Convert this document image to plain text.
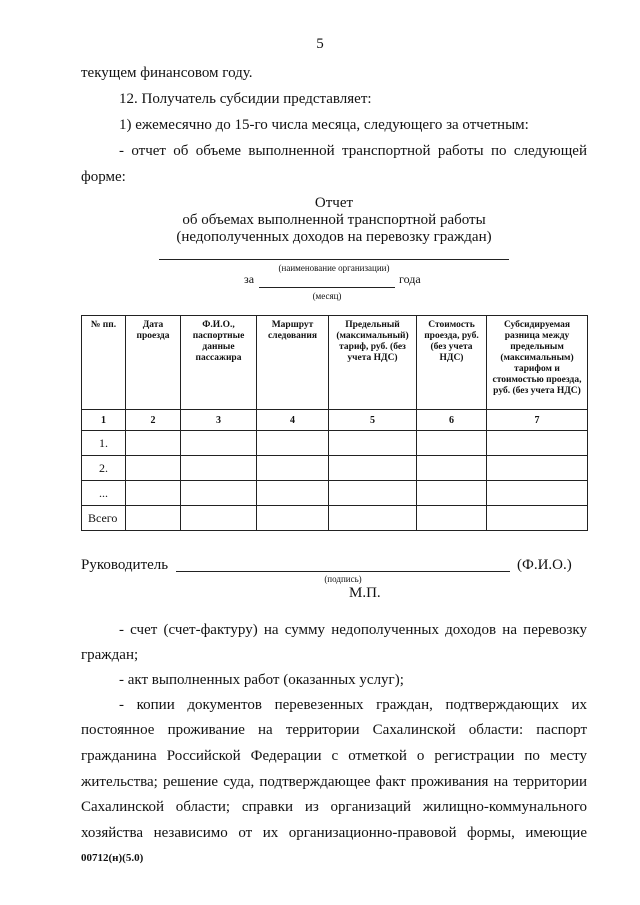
5
текущем финансовом году.
12. Получатель субсидии представляет:
1) ежемесячно до 15-го числа месяца, следующего за отчетным:
- отчет об объеме выполненной транспортной работы по следующей
форме:
Отчет
об объемах выполненной транспортной работы
(недополученных доходов на перевозку граждан)
(наименование организации)
за	года
(месяц)
№ пп.	Дата проезда	Ф.И.О., паспортные данные пассажира	Маршрут следования	Предельный (максимальный) тариф, руб. (без учета НДС)	Стоимость проезда, руб. (без учета НДС)	Субсидируемая разница между предельным (максимальным) тарифом и стоимостью проезда, руб. (без учета НДС)
1	2	3	4	5	6	7
1.						
2.						
...						
Всего						
Руководитель	(Ф.И.О.)
(подпись)
М.П.
- счет (счет-фактуру) на сумму недополученных доходов на перевозку
граждан;
- акт выполненных работ (оказанных услуг);
- копии документов перевезенных граждан, подтверждающих их
постоянное проживание на территории Сахалинской области: паспорт
гражданина Российской Федерации с отметкой о регистрации по месту
жительства; решение суда, подтверждающее факт проживания на территории
Сахалинской области; справки из организаций жилищно-коммунального
хозяйства независимо от их организационно-правовой формы, имеющие
00712(н)(5.0)
